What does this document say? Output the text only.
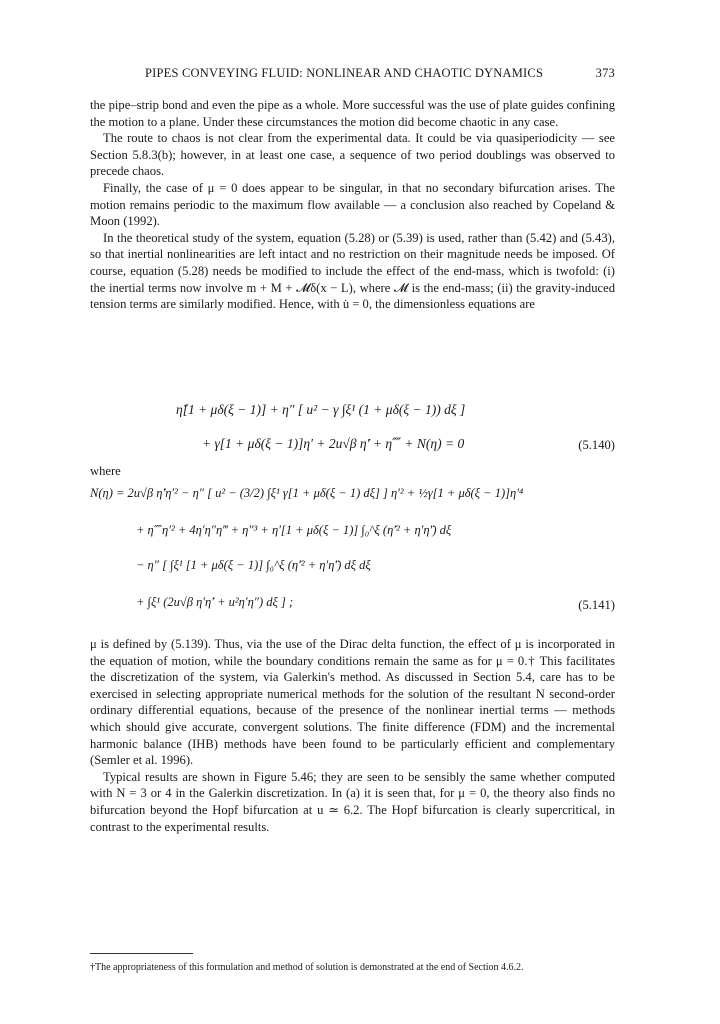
PIPES CONVEYING FLUID: NONLINEAR AND CHAOTIC DYNAMICS	373

the pipe–strip bond and even the pipe as a whole. More successful was the use of plate guides confining the motion to a plane. Under these circumstances the motion did become chaotic in any case.

The route to chaos is not clear from the experimental data. It could be via quasiperiodicity — see Section 5.8.3(b); however, in at least one case, a sequence of two period doublings was observed to precede chaos.

Finally, the case of μ = 0 does appear to be singular, in that no secondary bifurcation arises. The motion remains periodic to the maximum flow available — a conclusion also reached by Copeland & Moon (1992).

In the theoretical study of the system, equation (5.28) or (5.39) is used, rather than (5.42) and (5.43), so that inertial nonlinearities are left intact and no restriction on their magnitude needs be imposed. Of course, equation (5.28) needs be modified to include the effect of the end-mass, which is twofold: (i) the inertial terms now involve m + M + 𝓜δ(x − L), where 𝓜 is the end-mass; (ii) the gravity-induced tension terms are similarly modified. Hence, with u̇ = 0, the dimensionless equations are

η̈[1 + μδ(ξ − 1)] + η″ [ u² − γ ∫ξ¹ (1 + μδ(ξ − 1)) dξ ]
+ γ[1 + μδ(ξ − 1)]η′ + 2u√β η̇′ + η⁗ + N(η) = 0	(5.140)

where

N(η) = 2u√β η̇′η′² − η″ [ u² − (3/2) ∫ξ¹ γ[1 + μδ(ξ − 1) dξ] ] η′² + ½γ[1 + μδ(ξ − 1)]η′⁴
+ η⁗η′² + 4η′η″η‴ + η″³ + η′[1 + μδ(ξ − 1)] ∫₀^ξ (η̇′² + η′η̈′) dξ
− η″ [ ∫ξ¹ [1 + μδ(ξ − 1)] ∫₀^ξ (η̇′² + η′η̈′) dξ dξ
+ ∫ξ¹ (2u√β η′η̇′ + u²η′η″) dξ ] ;	(5.141)

μ is defined by (5.139). Thus, via the use of the Dirac delta function, the effect of μ is incorporated in the equation of motion, while the boundary conditions remain the same as for μ = 0.† This facilitates the discretization of the system, via Galerkin's method. As discussed in Section 5.4, care has to be exercised in selecting appropriate numerical methods for the solution of the resultant N second-order ordinary differential equations, because of the presence of the nonlinear inertial terms — methods which should give accurate, convergent solutions. The finite difference (FDM) and the incremental harmonic balance (IHB) methods have been found to be particularly efficient and complementary (Semler et al. 1996).

Typical results are shown in Figure 5.46; they are seen to be sensibly the same whether computed with N = 3 or 4 in the Galerkin discretization. In (a) it is seen that, for μ = 0, the theory also finds no bifurcation beyond the Hopf bifurcation at u ≃ 6.2. The Hopf bifurcation is clearly supercritical, in contrast to the experimental results.

†The appropriateness of this formulation and method of solution is demonstrated at the end of Section 4.6.2.
